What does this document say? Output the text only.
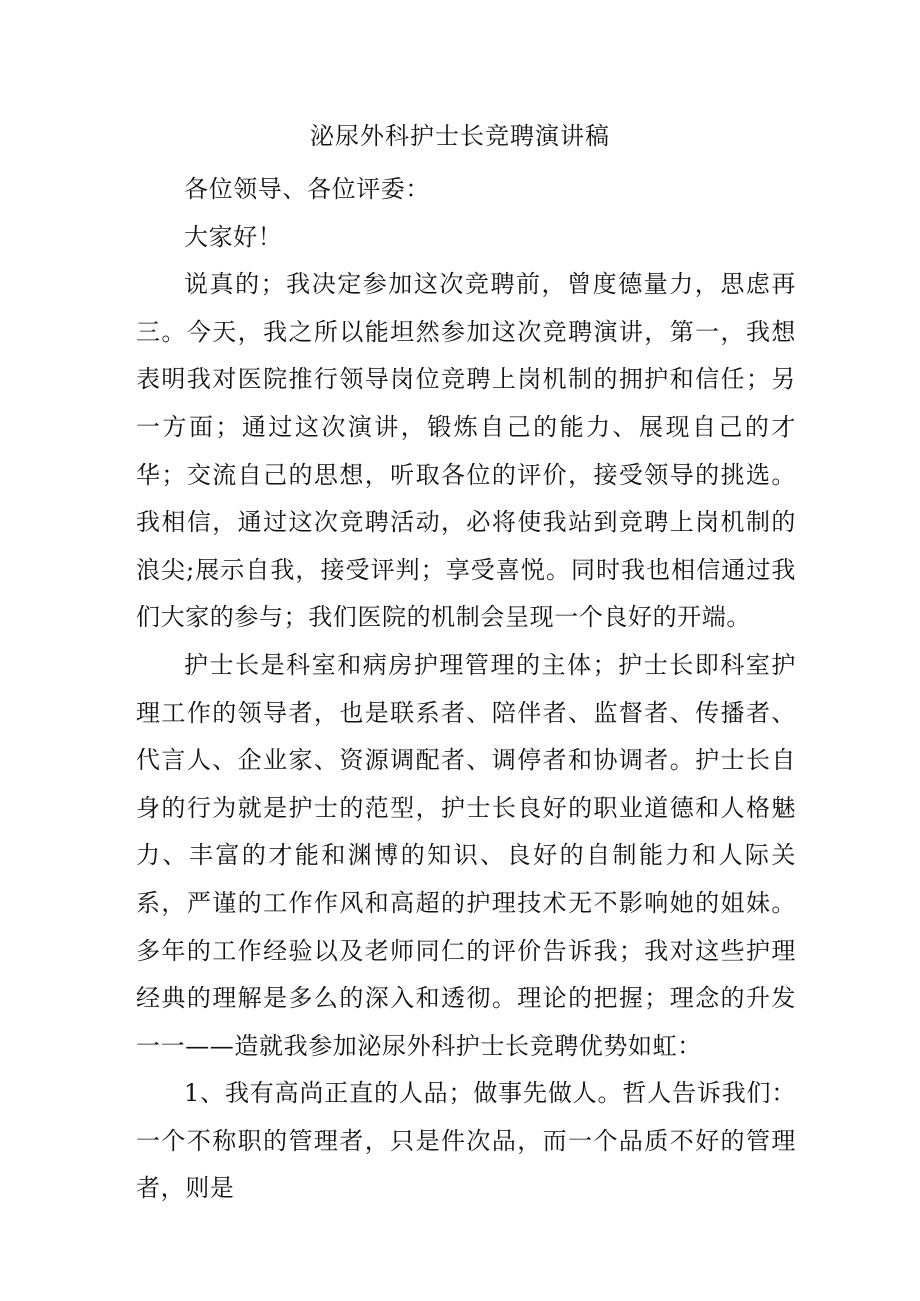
泌尿外科护士长竞聘演讲稿

各位领导、各位评委：

大家好！

说真的；我决定参加这次竞聘前，曾度德量力，思虑再三。今天，我之所以能坦然参加这次竞聘演讲，第一，我想表明我对医院推行领导岗位竞聘上岗机制的拥护和信任；另一方面；通过这次演讲，锻炼自己的能力、展现自己的才华；交流自己的思想，听取各位的评价，接受领导的挑选。我相信，通过这次竞聘活动，必将使我站到竞聘上岗机制的浪尖;展示自我，接受评判；享受喜悦。同时我也相信通过我们大家的参与；我们医院的机制会呈现一个良好的开端。

护士长是科室和病房护理管理的主体；护士长即科室护理工作的领导者，也是联系者、陪伴者、监督者、传播者、代言人、企业家、资源调配者、调停者和协调者。护士长自身的行为就是护士的范型，护士长良好的职业道德和人格魅力、丰富的才能和渊博的知识、良好的自制能力和人际关系，严谨的工作作风和高超的护理技术无不影响她的姐妹。多年的工作经验以及老师同仁的评价告诉我；我对这些护理经典的理解是多么的深入和透彻。理论的把握；理念的升发一一——造就我参加泌尿外科护士长竞聘优势如虹：

1、我有高尚正直的人品；做事先做人。哲人告诉我们：一个不称职的管理者，只是件次品，而一个品质不好的管理者，则是
